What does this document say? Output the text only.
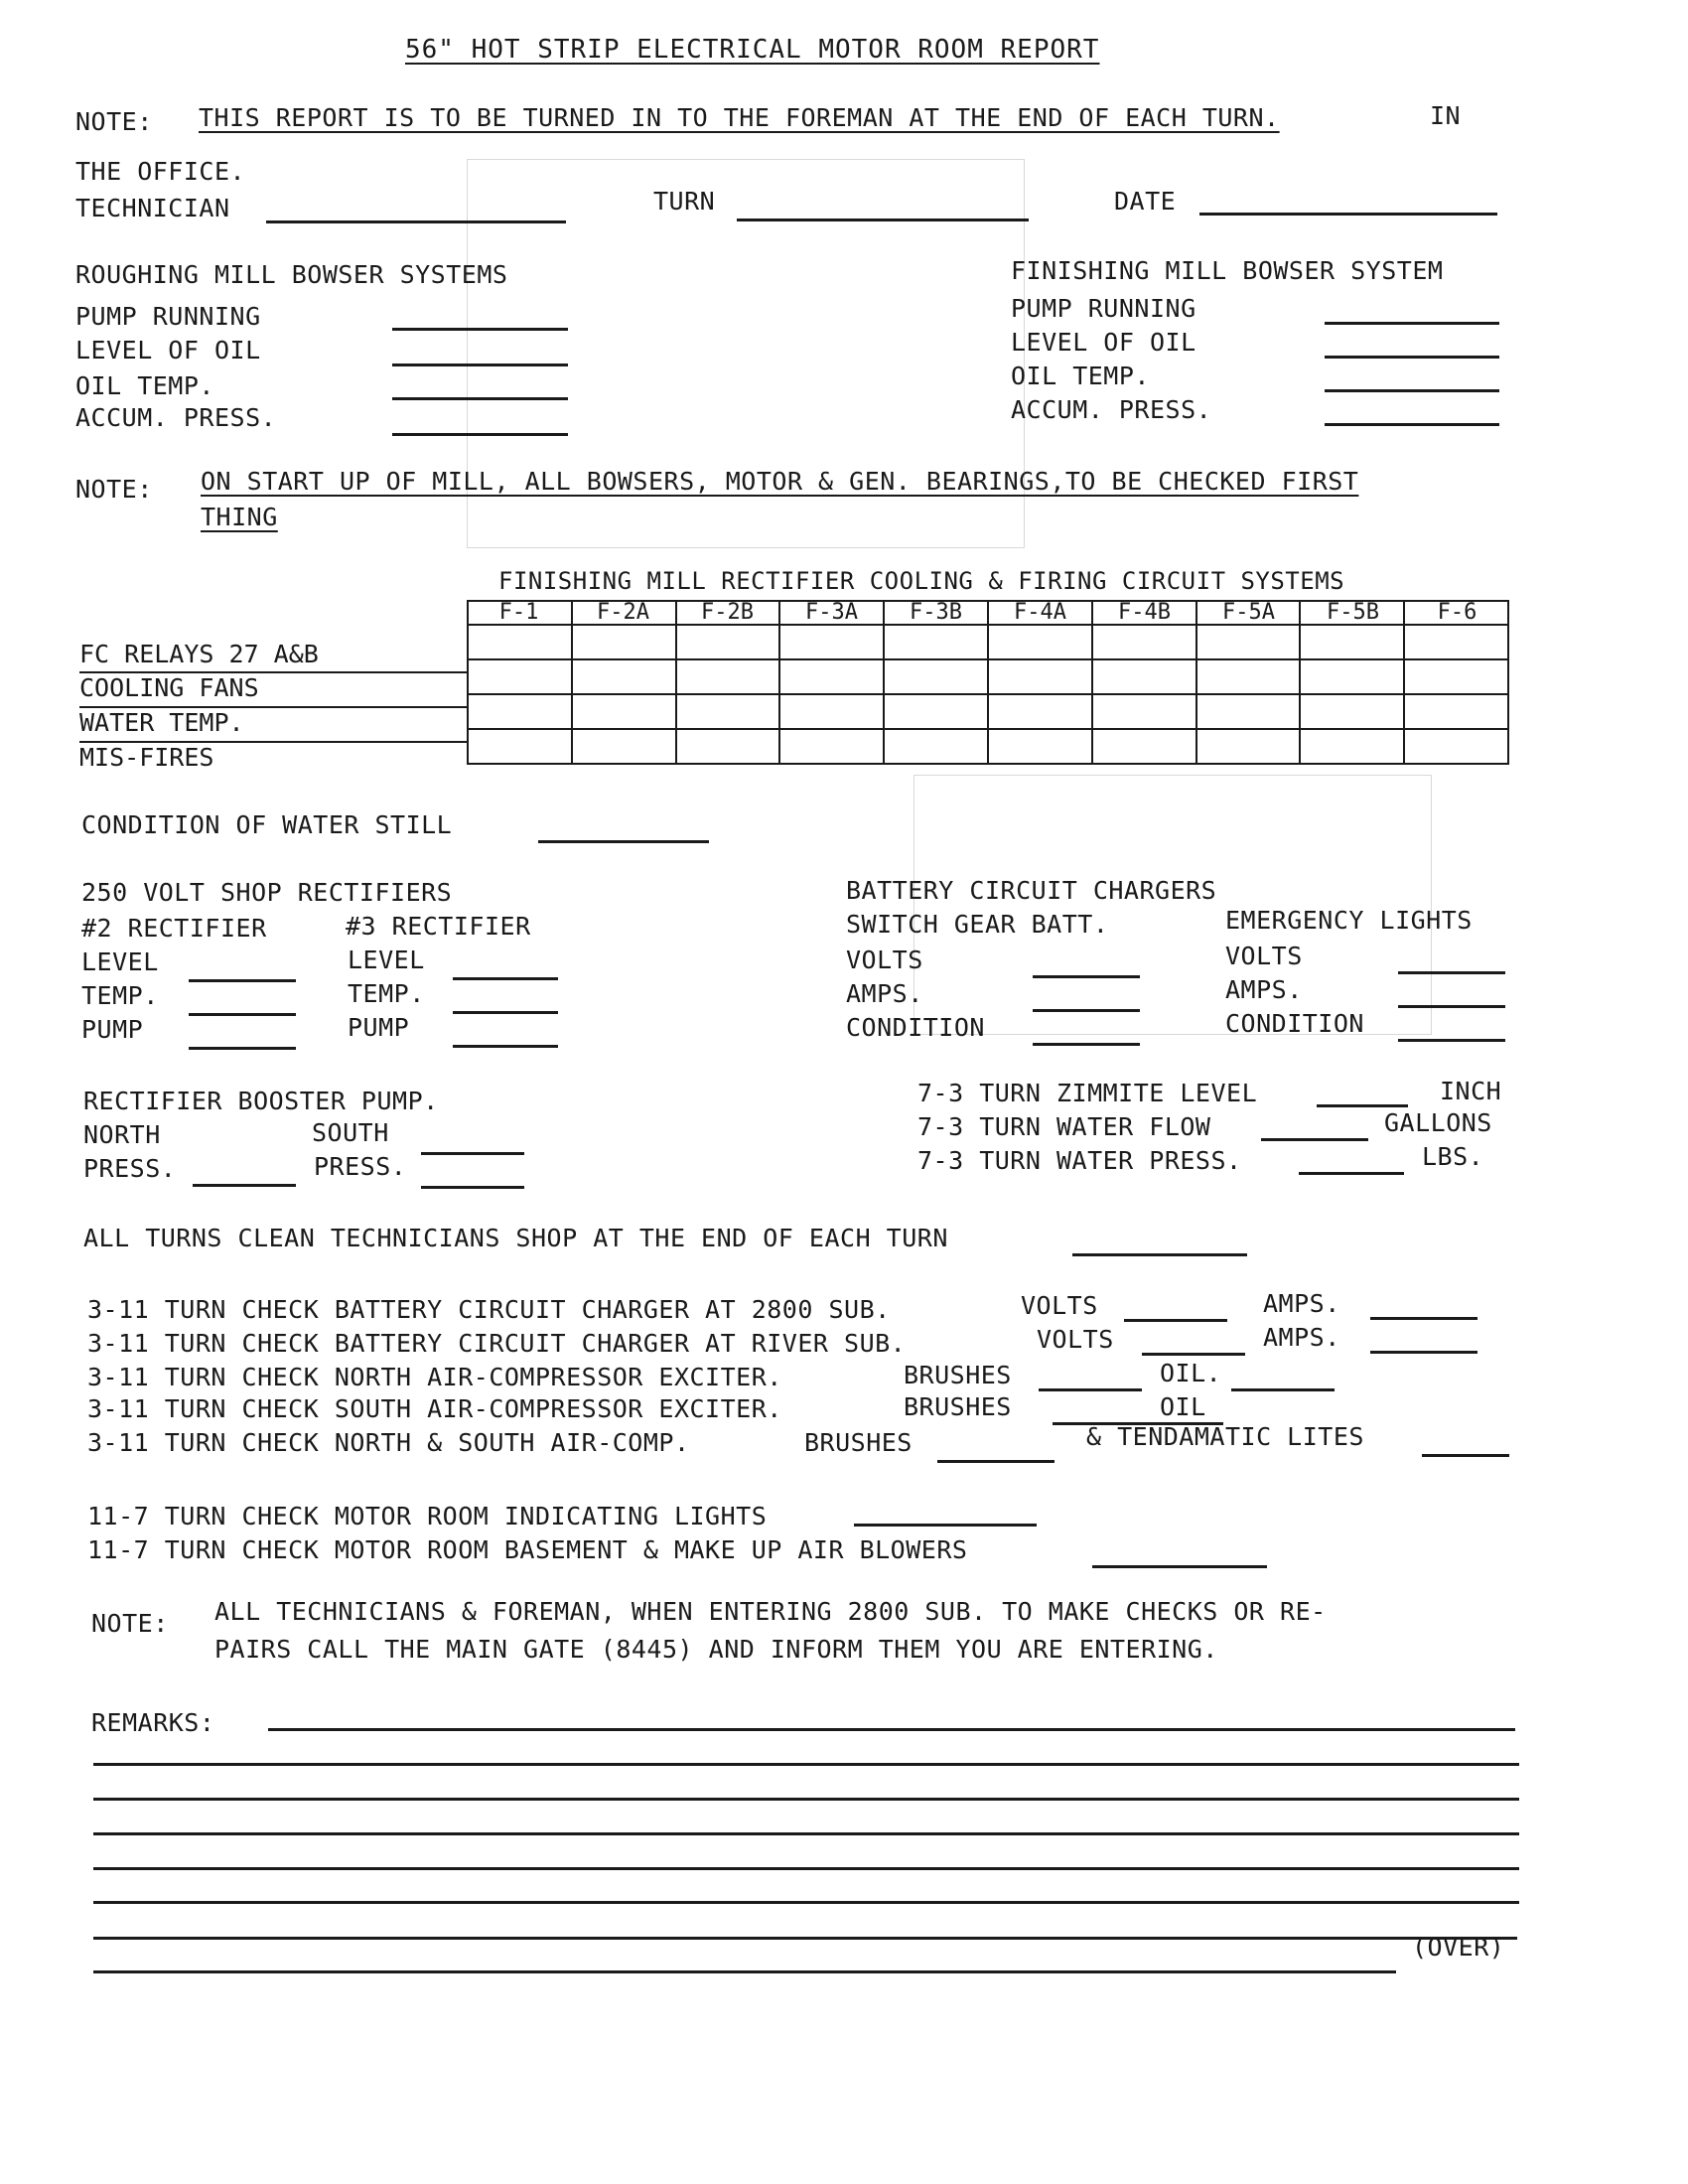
56" HOT STRIP ELECTRICAL MOTOR ROOM REPORT
NOTE: THIS REPORT IS TO BE TURNED IN TO THE FOREMAN AT THE END OF EACH TURN.	IN
THE OFFICE.
TECHNICIAN	TURN	DATE
ROUGHING MILL BOWSER SYSTEMS
PUMP RUNNING
LEVEL OF OIL
OIL TEMP.
ACCUM. PRESS.
FINISHING MILL BOWSER SYSTEM
PUMP RUNNING
LEVEL OF OIL
OIL TEMP.
ACCUM. PRESS.
NOTE: ON START UP OF MILL, ALL BOWSERS, MOTOR & GEN. BEARINGS,TO BE CHECKED FIRST
THING
FINISHING MILL RECTIFIER COOLING & FIRING CIRCUIT SYSTEMS

F-1	F-2A	F-2B	F-3A	F-3B	F-4A	F-4B	F-5A	F-5B	F-6
FC RELAYS 27 A&B
COOLING FANS
WATER TEMP.
MIS-FIRES
CONDITION OF WATER STILL
250 VOLT SHOP RECTIFIERS
#2 RECTIFIER
LEVEL
TEMP.
PUMP
#3 RECTIFIER
LEVEL
TEMP.
PUMP
BATTERY CIRCUIT CHARGERS
SWITCH GEAR BATT.
VOLTS
AMPS.
CONDITION
EMERGENCY LIGHTS
VOLTS
AMPS.
CONDITION
RECTIFIER BOOSTER PUMP.
NORTH
PRESS.
SOUTH
PRESS.
7-3 TURN ZIMMITE LEVEL	INCH
7-3 TURN WATER FLOW	GALLONS
7-3 TURN WATER PRESS.	LBS.
ALL TURNS CLEAN TECHNICIANS SHOP AT THE END OF EACH TURN
3-11 TURN CHECK BATTERY CIRCUIT CHARGER AT 2800 SUB.	VOLTS	AMPS.
3-11 TURN CHECK BATTERY CIRCUIT CHARGER AT RIVER SUB.	VOLTS	AMPS.
3-11 TURN CHECK NORTH AIR-COMPRESSOR EXCITER.	BRUSHES	OIL.
3-11 TURN CHECK SOUTH AIR-COMPRESSOR EXCITER.	BRUSHES	OIL
3-11 TURN CHECK NORTH & SOUTH AIR-COMP.	BRUSHES	& TENDAMATIC LITES
11-7 TURN CHECK MOTOR ROOM INDICATING LIGHTS
11-7 TURN CHECK MOTOR ROOM BASEMENT & MAKE UP AIR BLOWERS
NOTE: ALL TECHNICIANS & FOREMAN, WHEN ENTERING 2800 SUB. TO MAKE CHECKS OR RE-
PAIRS CALL THE MAIN GATE (8445) AND INFORM THEM YOU ARE ENTERING.
REMARKS:
(OVER)
